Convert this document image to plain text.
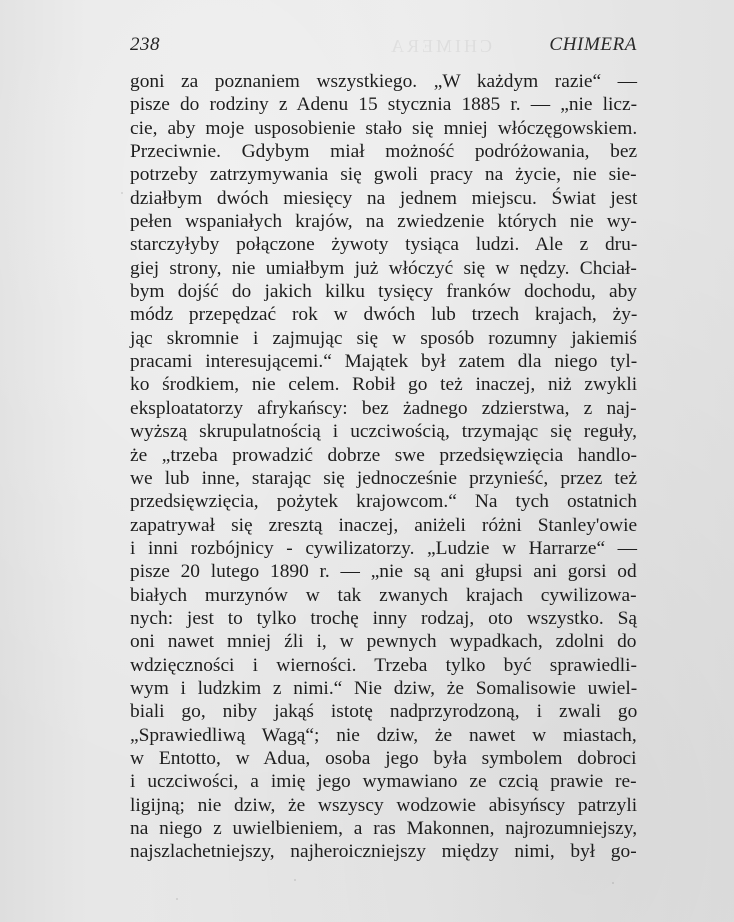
CHIMERA
238	CHIMERA
goni za poznaniem wszystkiego. „W każdym razie“ —
pisze do rodziny z Adenu 15 stycznia 1885 r. — „nie licz-
cie, aby moje usposobienie stało się mniej włóczęgowskiem.
Przeciwnie. Gdybym miał możność podróżowania, bez
potrzeby zatrzymywania się gwoli pracy na życie, nie sie-
działbym dwóch miesięcy na jednem miejscu. Świat jest
pełen wspaniałych krajów, na zwiedzenie których nie wy-
starczyłyby połączone żywoty tysiąca ludzi. Ale z dru-
giej strony, nie umiałbym już włóczyć się w nędzy. Chciał-
bym dojść do jakich kilku tysięcy franków dochodu, aby
módz przepędzać rok w dwóch lub trzech krajach, ży-
jąc skromnie i zajmując się w sposób rozumny jakiemiś
pracami interesującemi.“ Majątek był zatem dla niego tyl-
ko środkiem, nie celem. Robił go też inaczej, niż zwykli
eksploatatorzy afrykańscy: bez żadnego zdzierstwa, z naj-
wyższą skrupulatnością i uczciwością, trzymając się reguły,
że „trzeba prowadzić dobrze swe przedsięwzięcia handlo-
we lub inne, starając się jednocześnie przynieść, przez też
przedsięwzięcia, pożytek krajowcom.“ Na tych ostatnich
zapatrywał się zresztą inaczej, aniżeli różni Stanley'owie
i inni rozbójnicy - cywilizatorzy. „Ludzie w Harrarze“ —
pisze 20 lutego 1890 r. — „nie są ani głupsi ani gorsi od
białych murzynów w tak zwanych krajach cywilizowa-
nych: jest to tylko trochę inny rodzaj, oto wszystko. Są
oni nawet mniej źli i, w pewnych wypadkach, zdolni do
wdzięczności i wierności. Trzeba tylko być sprawiedli-
wym i ludzkim z nimi.“ Nie dziw, że Somalisowie uwiel-
biali go, niby jakąś istotę nadprzyrodzoną, i zwali go
„Sprawiedliwą Wagą“; nie dziw, że nawet w miastach,
w Entotto, w Adua, osoba jego była symbolem dobroci
i uczciwości, a imię jego wymawiano ze czcią prawie re-
ligijną; nie dziw, że wszyscy wodzowie abisyńscy patrzyli
na niego z uwielbieniem, a ras Makonnen, najrozumniejszy,
najszlachetniejszy, najheroiczniejszy między nimi, był go-
